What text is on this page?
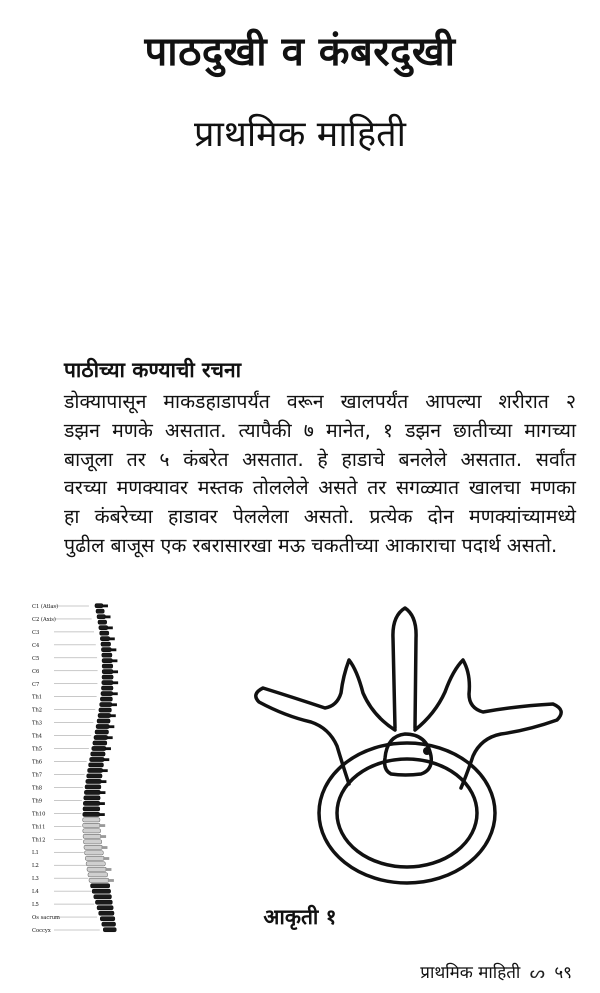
पाठदुखी व कंबरदुखी
प्राथमिक माहिती
पाठीच्या कण्याची रचना
डोक्यापासून माकडहाडापर्यंत वरून खालपर्यंत आपल्या शरीरात २
डझन मणके असतात. त्यापैकी ७ मानेत, १ डझन छातीच्या मागच्या
बाजूला तर ५ कंबरेत असतात. हे हाडाचे बनलेले असतात. सर्वांत
वरच्या मणक्यावर मस्तक तोललेले असते तर सगळ्यात खालचा मणका
हा कंबरेच्या हाडावर पेललेला असतो. प्रत्येक दोन मणक्यांच्यामध्ये
पुढील बाजूस एक रबरासारखा मऊ चकतीच्या आकाराचा पदार्थ असतो.
C1 (Atlas)
C2 (Axis)
C3
C4
C5
C6
C7
Th1
Th2
Th3
Th4
Th5
Th6
Th7
Th8
Th9
Th10
Th11
Th12
L1
L2
L3
L4
L5
Os sacrum
Coccyx
आकृती १
प्राथमिक माहिती ᔕ ५९
